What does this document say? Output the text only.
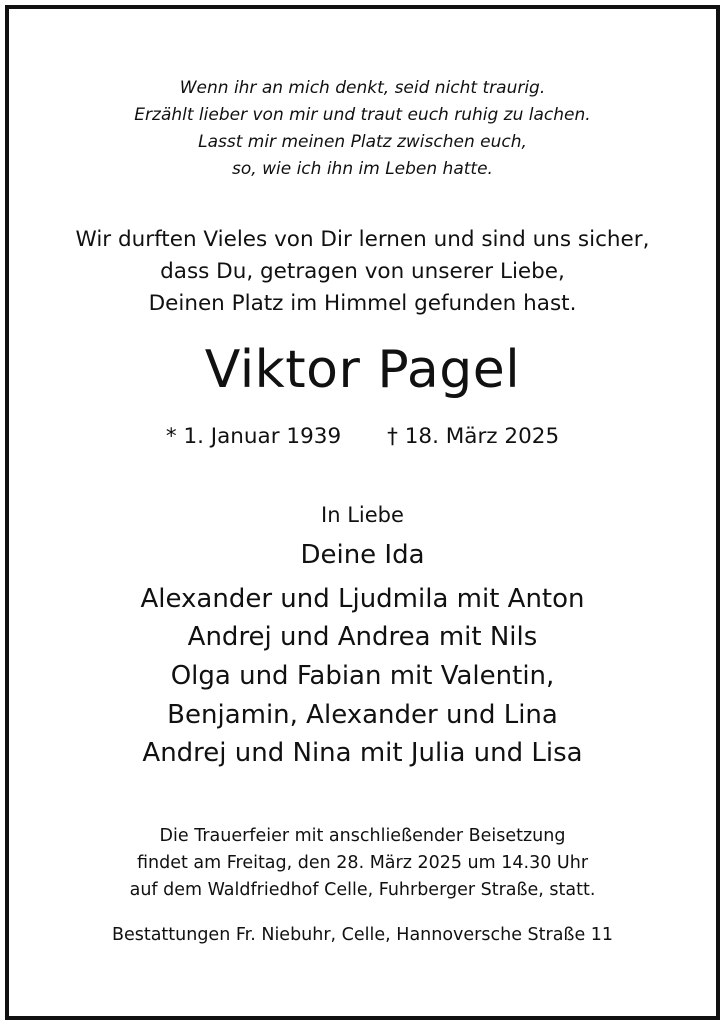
Wenn ihr an mich denkt, seid nicht traurig.
Erzählt lieber von mir und traut euch ruhig zu lachen.
Lasst mir meinen Platz zwischen euch,
so, wie ich ihn im Leben hatte.
Wir durften Vieles von Dir lernen und sind uns sicher,
dass Du, getragen von unserer Liebe,
Deinen Platz im Himmel gefunden hast.
Viktor Pagel
* 1. Januar 1939 † 18. März 2025
In Liebe
Deine Ida
Alexander und Ljudmila mit Anton
Andrej und Andrea mit Nils
Olga und Fabian mit Valentin,
Benjamin, Alexander und Lina
Andrej und Nina mit Julia und Lisa
Die Trauerfeier mit anschließender Beisetzung
findet am Freitag, den 28. März 2025 um 14.30 Uhr
auf dem Waldfriedhof Celle, Fuhrberger Straße, statt.
Bestattungen Fr. Niebuhr, Celle, Hannoversche Straße 11
